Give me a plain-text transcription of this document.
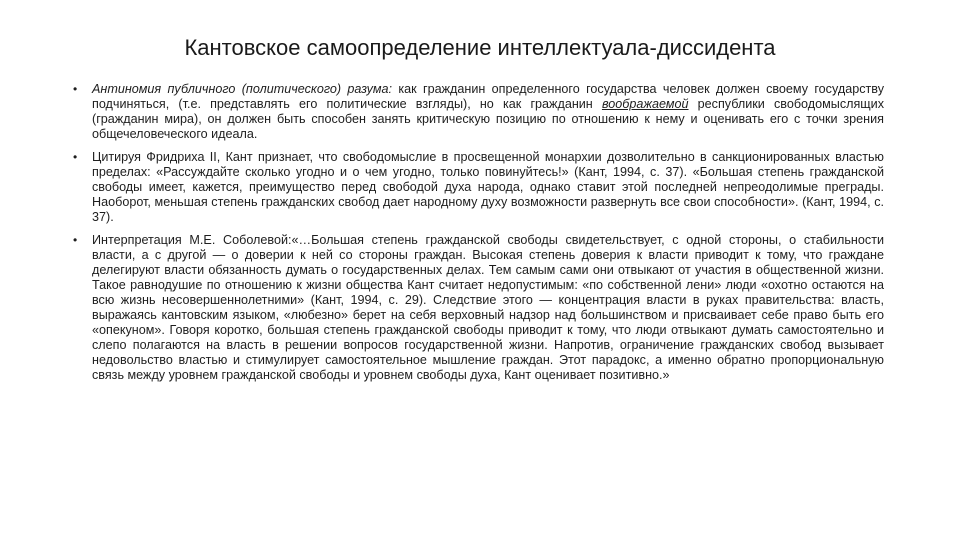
Кантовское самоопределение интеллектуала-диссидента
• Антиномия публичного (политического) разума: как гражданин определенного государства человек должен своему государству подчиняться, (т.е. представлять его политические взгляды), но как гражданин воображаемой республики свободомыслящих (гражданин мира), он должен быть способен занять критическую позицию по отношению к нему и оценивать его с точки зрения общечеловеческого идеала.
• Цитируя Фридриха II, Кант признает, что свободомыслие в просвещенной монархии дозволительно в санкционированных властью пределах: «Рассуждайте сколько угодно и о чем угодно, только повинуйтесь!» (Кант, 1994, с. 37). «Большая степень гражданской свободы имеет, кажется, преимущество перед свободой духа народа, однако ставит этой последней непреодолимые преграды. Наоборот, меньшая степень гражданских свобод дает народному духу возможности развернуть все свои способности». (Кант, 1994, с. 37).
• Интерпретация М.Е. Соболевой:«…Большая степень гражданской свободы свидетельствует, с одной стороны, о стабильности власти, а с другой — о доверии к ней со стороны граждан. Высокая степень доверия к власти приводит к тому, что граждане делегируют власти обязанность думать о государственных делах. Тем самым сами они отвыкают от участия в общественной жизни. Такое равнодушие по отношению к жизни общества Кант считает недопустимым: «по собственной лени» люди «охотно остаются на всю жизнь несовершеннолетними» (Кант, 1994, с. 29). Следствие этого — концентрация власти в руках правительства: власть, выражаясь кантовским языком, «любезно» берет на себя верховный надзор над большинством и присваивает себе право быть его «опекуном». Говоря коротко, большая степень гражданской свободы приводит к тому, что люди отвыкают думать самостоятельно и слепо полагаются на власть в решении вопросов государственной жизни. Напротив, ограничение гражданских свобод вызывает недовольство властью и стимулирует самостоятельное мышление граждан. Этот парадокс, а именно обратно пропорциональную связь между уровнем гражданской свободы и уровнем свободы духа, Кант оценивает позитивно.»
